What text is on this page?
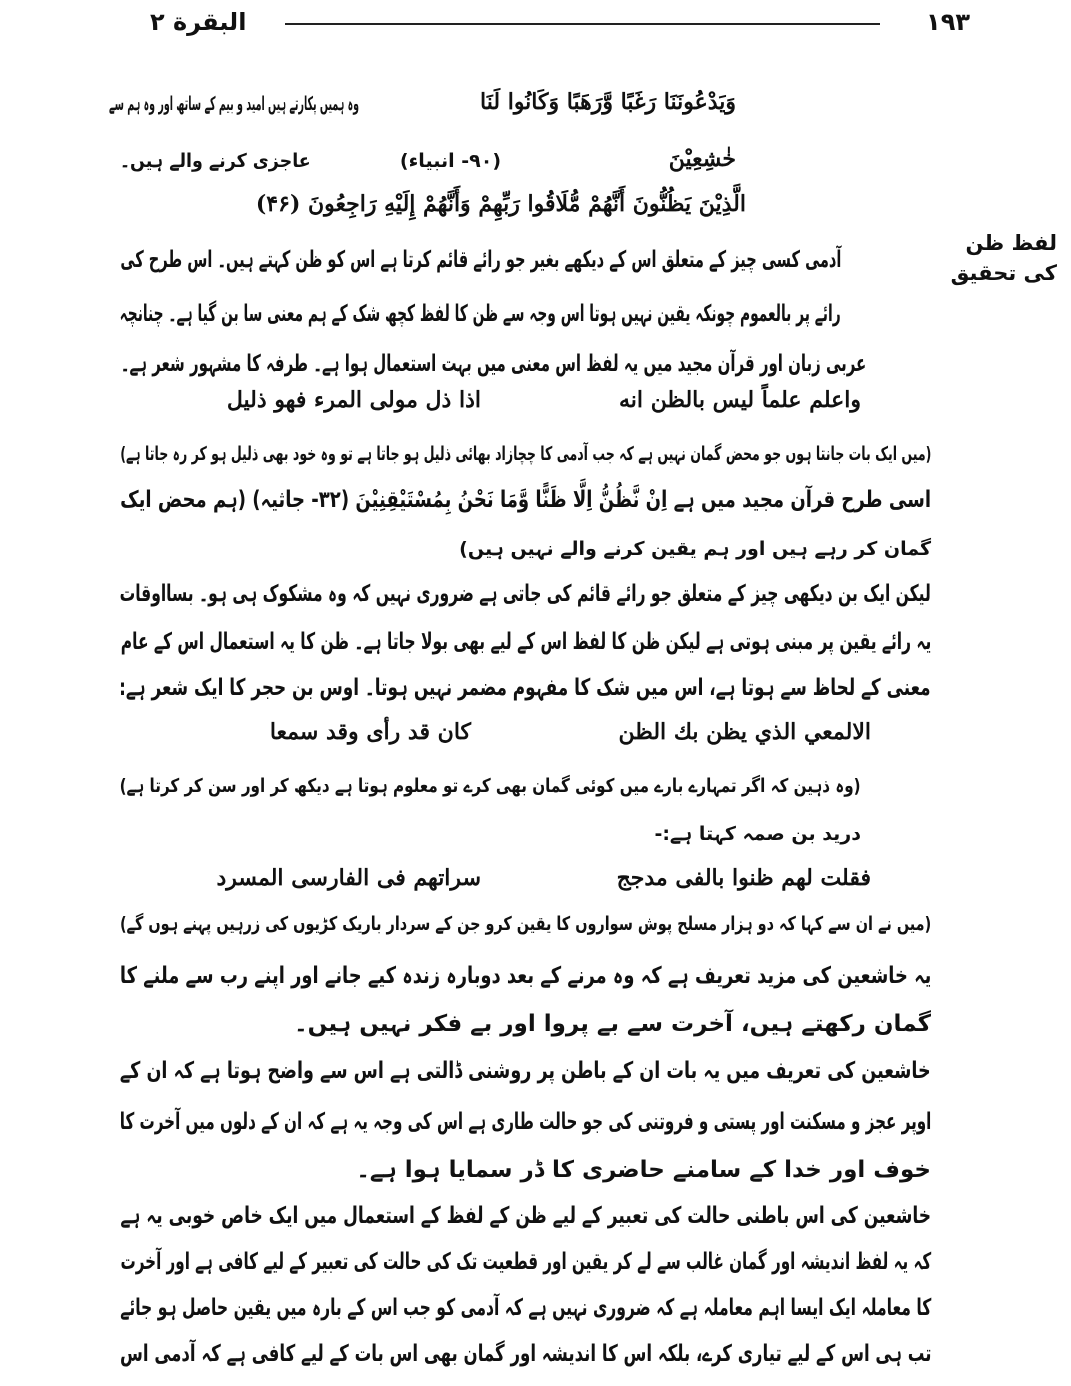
البقرة ٢	١٩٣
لفظ ظن
کی تحقیق
وَيَدْعُونَنَا رَغَبًا وَّرَهَبًا وَكَانُوا لَنَا
وہ ہمیں پکارتے ہیں امید و بیم کے ساتھ اور وہ ہم سے
خٰشِعِیْنَ
(۹۰- انبیاء)
عاجزی کرنے والے ہیں۔
الَّذِيْنَ يَظُنُّونَ أَنَّهُمْ مُّلَاقُوا رَبِّهِمْ وَأَنَّهُمْ إِلَيْهِ رَاجِعُونَ (۴۶)
آدمی کسی چیز کے متعلق اس کے دیکھے بغیر جو رائے قائم کرتا ہے اس کو ظن کہتے ہیں۔ اس طرح کی
رائے پر بالعموم چونکہ یقین نہیں ہوتا اس وجہ سے ظن کا لفظ کچھ شک کے ہم معنی سا بن گیا ہے۔ چنانچہ
عربی زبان اور قرآن مجید میں یہ لفظ اس معنی میں بہت استعمال ہوا ہے۔ طرفہ کا مشہور شعر ہے۔
واعلم علماً ليس بالظن انه
اذا ذل مولى المرء فهو ذليل
(میں ایک بات جانتا ہوں جو محض گمان نہیں ہے کہ جب آدمی کا چچازاد بھائی ذلیل ہو جاتا ہے تو وہ خود بھی ذلیل ہو کر رہ جاتا ہے)
اسی طرح قرآن مجید میں ہے اِنْ نَّظُنُّ اِلَّا ظَنًّا وَّمَا نَحْنُ بِمُسْتَيْقِنِيْنَ (۳۲- جاثیہ) (ہم محض ایک
گمان کر رہے ہیں اور ہم یقین کرنے والے نہیں ہیں)
لیکن ایک بن دیکھی چیز کے متعلق جو رائے قائم کی جاتی ہے ضروری نہیں کہ وہ مشکوک ہی ہو۔ بسااوقات
یہ رائے یقین پر مبنی ہوتی ہے لیکن ظن کا لفظ اس کے لیے بھی بولا جاتا ہے۔ ظن کا یہ استعمال اس کے عام
معنی کے لحاظ سے ہوتا ہے، اس میں شک کا مفہوم مضمر نہیں ہوتا۔ اوس بن حجر کا ایک شعر ہے:
الالمعي الذي يظن بك الظن
كان قد رأى وقد سمعا
(وہ ذہین کہ اگر تمہارے بارے میں کوئی گمان بھی کرے تو معلوم ہوتا ہے دیکھ کر اور سن کر کرتا ہے)
درید بن صمہ کہتا ہے:-
فقلت لهم ظنوا بالفى مدجج
سراتهم فى الفارسى المسرد
(میں نے ان سے کہا کہ دو ہزار مسلح پوش سواروں کا یقین کرو جن کے سردار باریک کڑیوں کی زرہیں پہنے ہوں گے)
یہ خاشعین کی مزید تعریف ہے کہ وہ مرنے کے بعد دوبارہ زندہ کیے جانے اور اپنے رب سے ملنے کا
گمان رکھتے ہیں، آخرت سے بے پروا اور بے فکر نہیں ہیں۔
خاشعین کی تعریف میں یہ بات ان کے باطن پر روشنی ڈالتی ہے اس سے واضح ہوتا ہے کہ ان کے
اوپر عجز و مسکنت اور پستی و فروتنی کی جو حالت طاری ہے اس کی وجہ یہ ہے کہ ان کے دلوں میں آخرت کا
خوف اور خدا کے سامنے حاضری کا ڈر سمایا ہوا ہے۔
خاشعین کی اس باطنی حالت کی تعبیر کے لیے ظن کے لفظ کے استعمال میں ایک خاص خوبی یہ ہے
کہ یہ لفظ اندیشہ اور گمان غالب سے لے کر یقین اور قطعیت تک کی حالت کی تعبیر کے لیے کافی ہے اور آخرت
کا معاملہ ایک ایسا اہم معاملہ ہے کہ ضروری نہیں ہے کہ آدمی کو جب اس کے بارہ میں یقین حاصل ہو جائے
تب ہی اس کے لیے تیاری کرے، بلکہ اس کا اندیشہ اور گمان بھی اس بات کے لیے کافی ہے کہ آدمی اس
